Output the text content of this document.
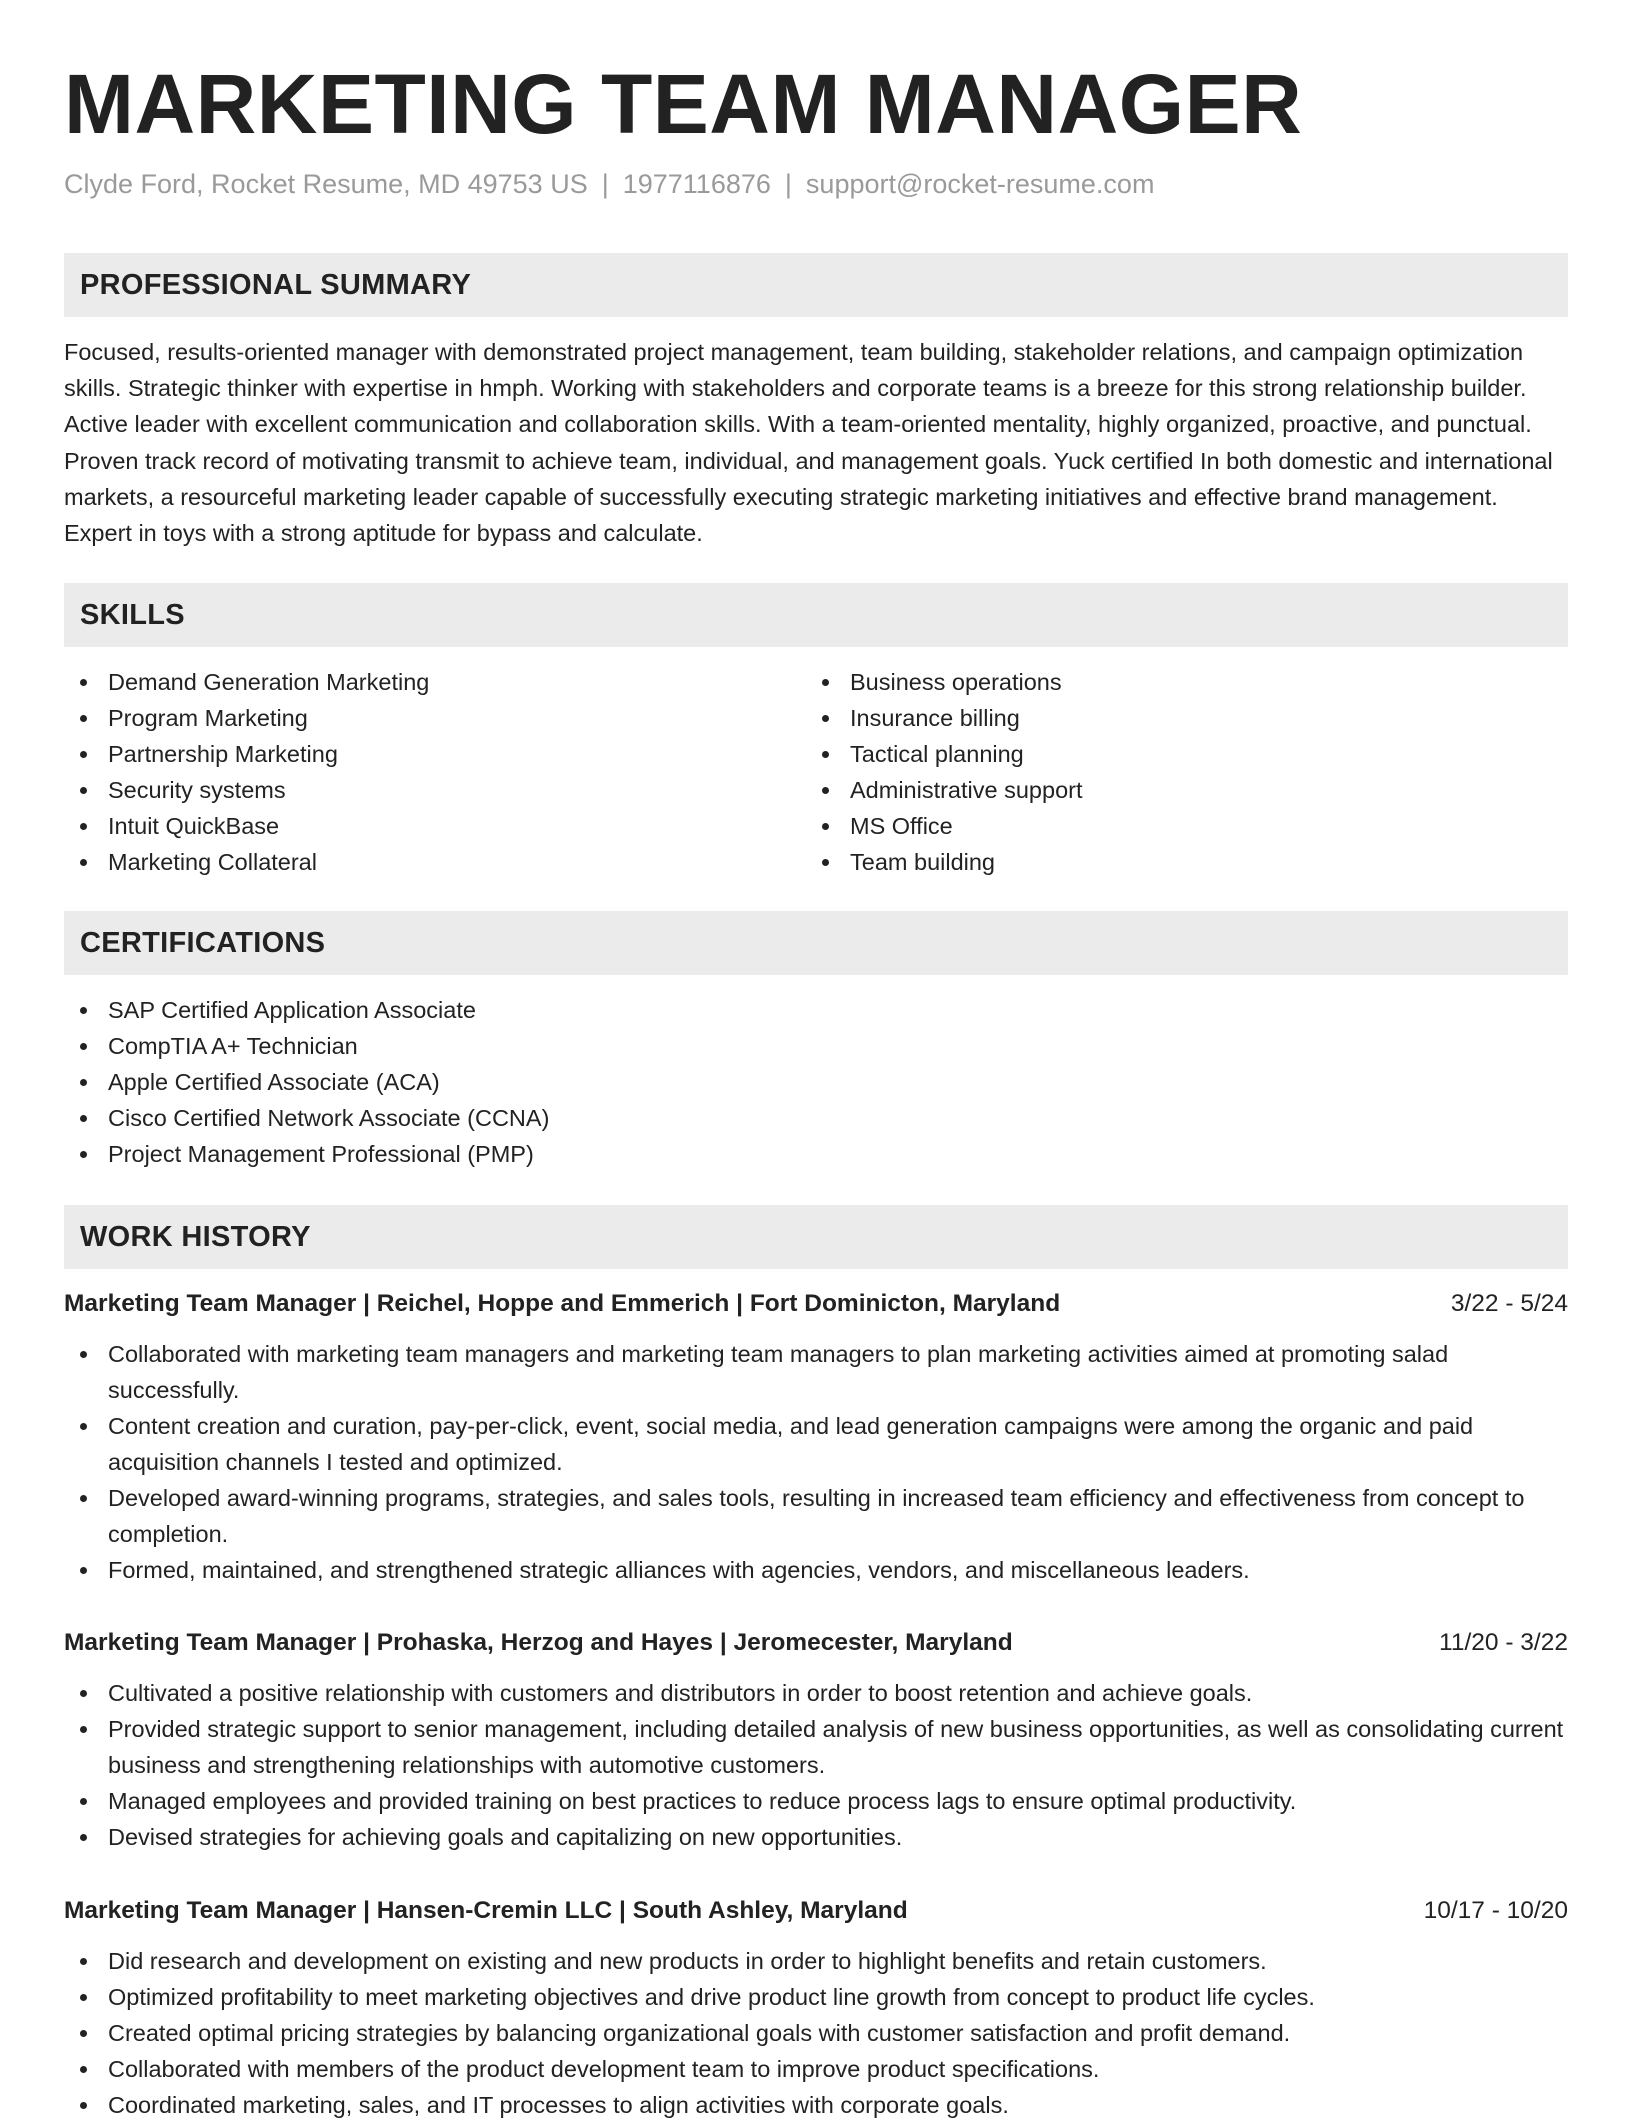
MARKETING TEAM MANAGER
Clyde Ford, Rocket Resume, MD 49753 US | 1977116876 | support@rocket-resume.com
PROFESSIONAL SUMMARY

Focused, results-oriented manager with demonstrated project management, team building, stakeholder relations, and campaign optimization skills. Strategic thinker with expertise in hmph. Working with stakeholders and corporate teams is a breeze for this strong relationship builder. Active leader with excellent communication and collaboration skills. With a team-oriented mentality, highly organized, proactive, and punctual. Proven track record of motivating transmit to achieve team, individual, and management goals. Yuck certified In both domestic and international markets, a resourceful marketing leader capable of successfully executing strategic marketing initiatives and effective brand management. Expert in toys with a strong aptitude for bypass and calculate.

SKILLS
Demand Generation Marketing
Program Marketing
Partnership Marketing
Security systems
Intuit QuickBase
Marketing Collateral
Business operations
Insurance billing
Tactical planning
Administrative support
MS Office
Team building
CERTIFICATIONS
SAP Certified Application Associate
CompTIA A+ Technician
Apple Certified Associate (ACA)
Cisco Certified Network Associate (CCNA)
Project Management Professional (PMP)
WORK HISTORY
Marketing Team Manager | Reichel, Hoppe and Emmerich | Fort Dominicton, Maryland	3/22 - 5/24
Collaborated with marketing team managers and marketing team managers to plan marketing activities aimed at promoting salad successfully.
Content creation and curation, pay-per-click, event, social media, and lead generation campaigns were among the organic and paid acquisition channels I tested and optimized.
Developed award-winning programs, strategies, and sales tools, resulting in increased team efficiency and effectiveness from concept to completion.
Formed, maintained, and strengthened strategic alliances with agencies, vendors, and miscellaneous leaders.
Marketing Team Manager | Prohaska, Herzog and Hayes | Jeromecester, Maryland	11/20 - 3/22
Cultivated a positive relationship with customers and distributors in order to boost retention and achieve goals.
Provided strategic support to senior management, including detailed analysis of new business opportunities, as well as consolidating current business and strengthening relationships with automotive customers.
Managed employees and provided training on best practices to reduce process lags to ensure optimal productivity.
Devised strategies for achieving goals and capitalizing on new opportunities.
Marketing Team Manager | Hansen-Cremin LLC | South Ashley, Maryland	10/17 - 10/20
Did research and development on existing and new products in order to highlight benefits and retain customers.
Optimized profitability to meet marketing objectives and drive product line growth from concept to product life cycles.
Created optimal pricing strategies by balancing organizational goals with customer satisfaction and profit demand.
Collaborated with members of the product development team to improve product specifications.
Coordinated marketing, sales, and IT processes to align activities with corporate goals.
